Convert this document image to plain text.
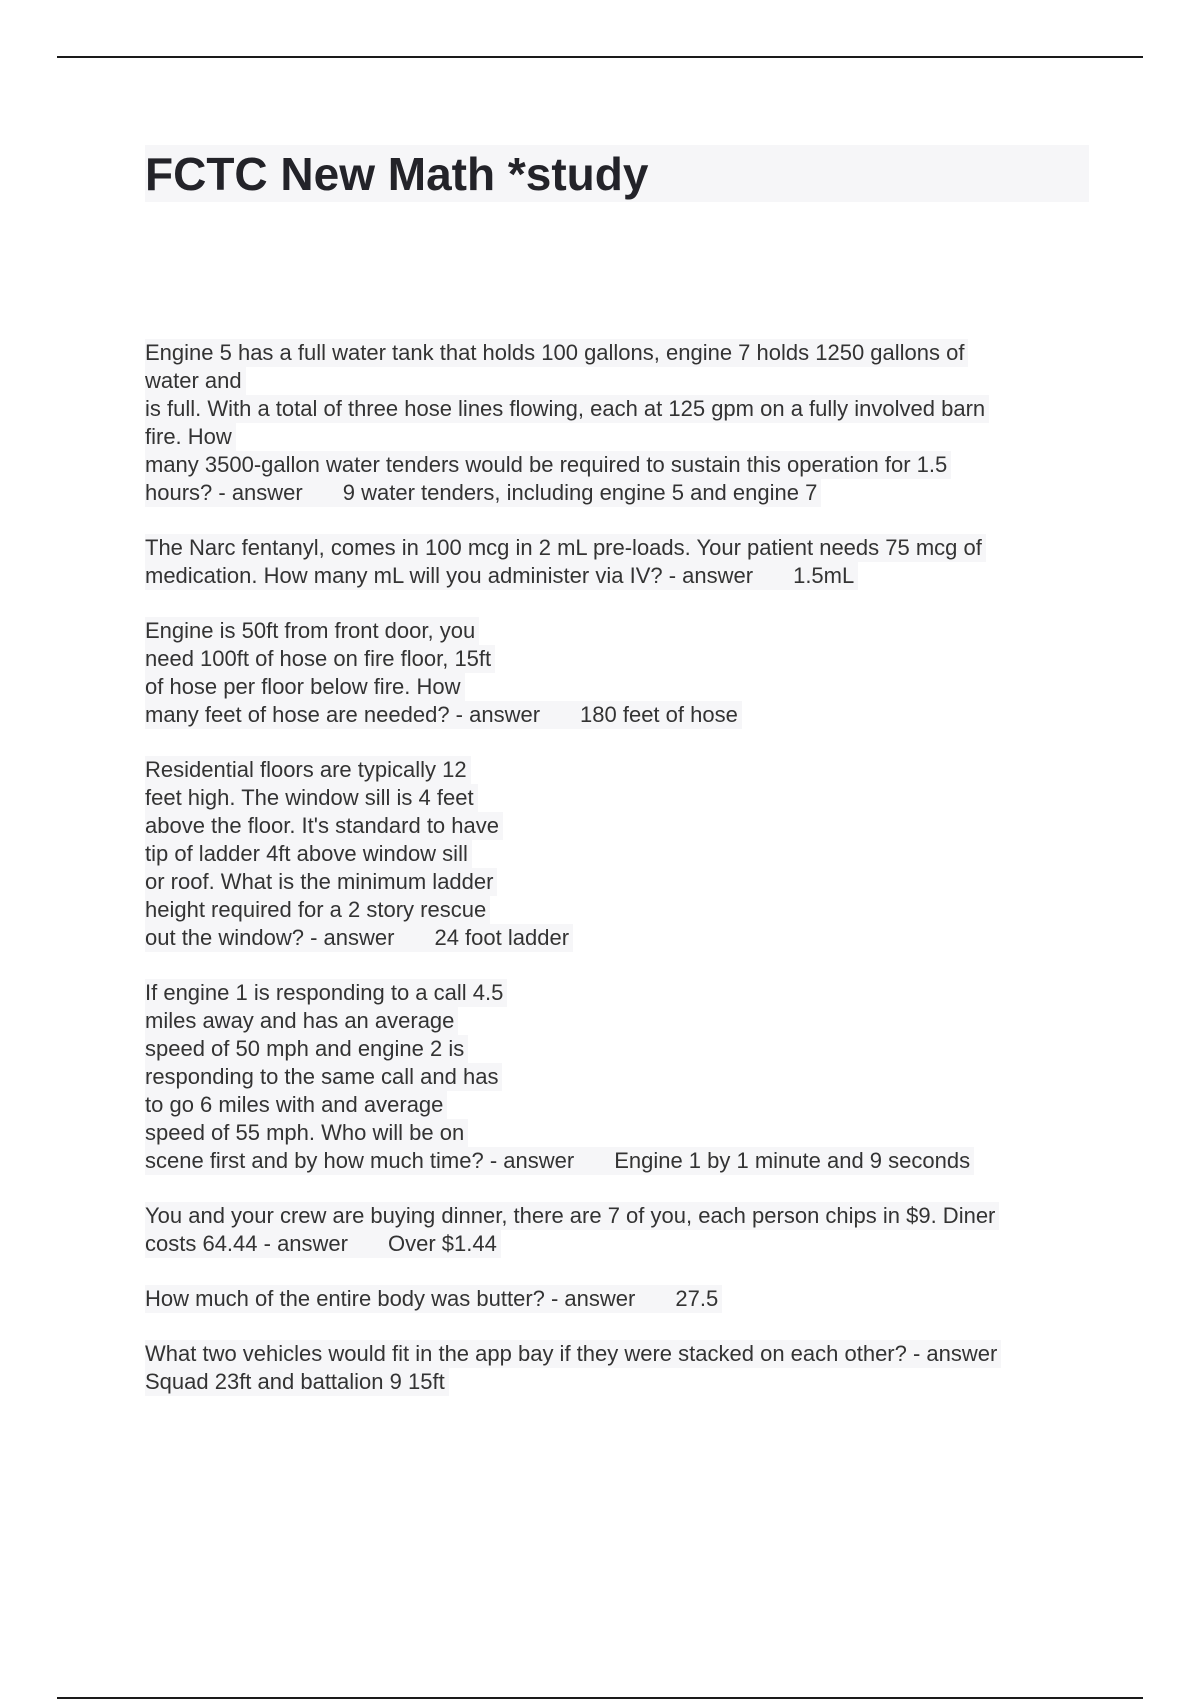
FCTC New Math *study
Engine 5 has a full water tank that holds 100 gallons, engine 7 holds 1250 gallons of
water and
is full. With a total of three hose lines flowing, each at 125 gpm on a fully involved barn
fire. How
many 3500-gallon water tenders would be required to sustain this operation for 1.5
hours? - answer 9 water tenders, including engine 5 and engine 7
The Narc fentanyl, comes in 100 mcg in 2 mL pre-loads. Your patient needs 75 mcg of
medication. How many mL will you administer via IV? - answer 1.5mL
Engine is 50ft from front door, you
need 100ft of hose on fire floor, 15ft
of hose per floor below fire. How
many feet of hose are needed? - answer 180 feet of hose
Residential floors are typically 12
feet high. The window sill is 4 feet
above the floor. It's standard to have
tip of ladder 4ft above window sill
or roof. What is the minimum ladder
height required for a 2 story rescue
out the window? - answer 24 foot ladder
If engine 1 is responding to a call 4.5
miles away and has an average
speed of 50 mph and engine 2 is
responding to the same call and has
to go 6 miles with and average
speed of 55 mph. Who will be on
scene first and by how much time? - answer Engine 1 by 1 minute and 9 seconds
You and your crew are buying dinner, there are 7 of you, each person chips in $9. Diner
costs 64.44 - answer Over $1.44
How much of the entire body was butter? - answer 27.5
What two vehicles would fit in the app bay if they were stacked on each other? - answer
Squad 23ft and battalion 9 15ft
